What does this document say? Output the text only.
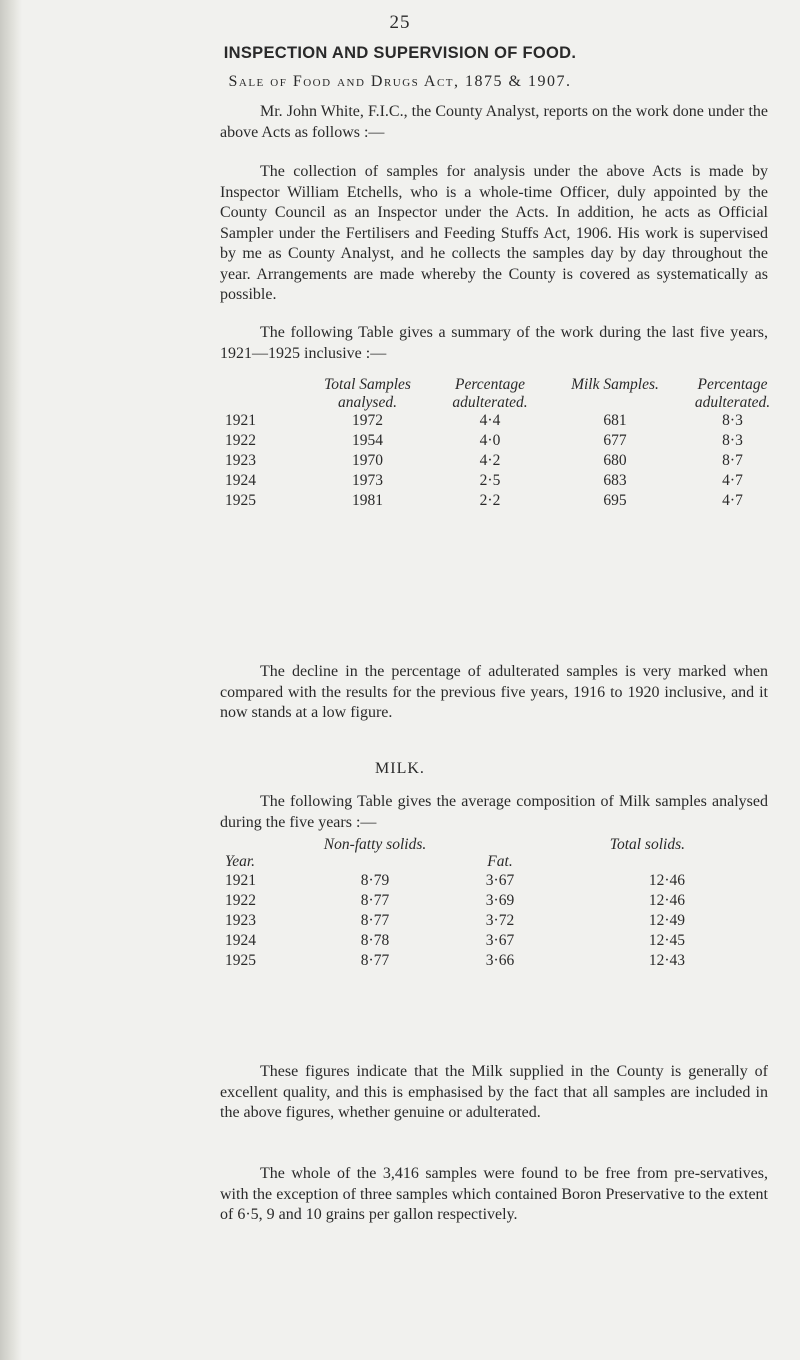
25
INSPECTION AND SUPERVISION OF FOOD.
Sale of Food and Drugs Act, 1875 & 1907.
Mr. John White, F.I.C., the County Analyst, reports on the work done under the above Acts as follows :—
The collection of samples for analysis under the above Acts is made by Inspector William Etchells, who is a whole-time Officer, duly appointed by the County Council as an Inspector under the Acts. In addition, he acts as Official Sampler under the Fertilisers and Feeding Stuffs Act, 1906. His work is supervised by me as County Analyst, and he collects the samples day by day throughout the year. Arrangements are made whereby the County is covered as systematically as possible.
The following Table gives a summary of the work during the last five years, 1921—1925 inclusive :—
	Total Samples analysed.	Percentage adulterated.	Milk Samples.	Percentage adulterated.
1921	1972	4·4	681	8·3
1922	1954	4·0	677	8·3
1923	1970	4·2	680	8·7
1924	1973	2·5	683	4·7
1925	1981	2·2	695	4·7
The decline in the percentage of adulterated samples is very marked when compared with the results for the previous five years, 1916 to 1920 inclusive, and it now stands at a low figure.
MILK.
The following Table gives the average composition of Milk samples analysed during the five years :—
Year.	Non-fatty solids.	Fat.	Total solids.
1921	8·79	3·67	12·46
1922	8·77	3·69	12·46
1923	8·77	3·72	12·49
1924	8·78	3·67	12·45
1925	8·77	3·66	12·43
These figures indicate that the Milk supplied in the County is generally of excellent quality, and this is emphasised by the fact that all samples are included in the above figures, whether genuine or adulterated.
The whole of the 3,416 samples were found to be free from pre-servatives, with the exception of three samples which contained Boron Preservative to the extent of 6·5, 9 and 10 grains per gallon respectively.
